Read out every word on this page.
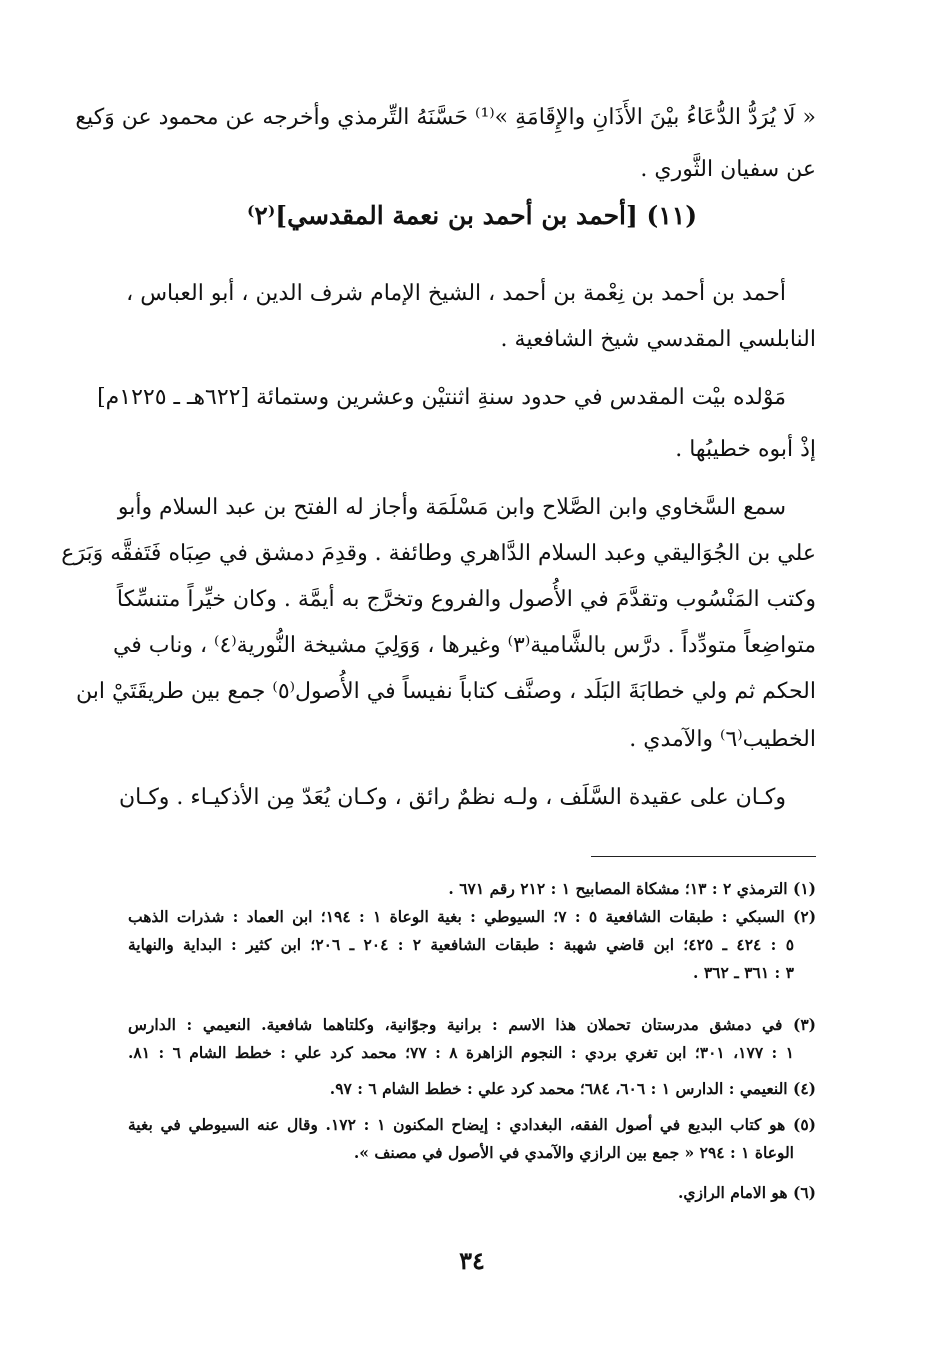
« لَا يُرَدُّ الدُّعَاءُ بيْنَ الأَذَانِ والإِقَامَةِ »⁽¹⁾ حَسَّنَهُ التِّرمذي وأخرجه عن محمود عن وَكيع
عن سفيان الثَّوري .
(١١) [أحمد بن أحمد بن نعمة المقدسي]⁽٢⁾
أحمد بن أحمد بن نِعْمة بن أحمد ، الشيخ الإمام شرف الدين ، أبو العباس ،
النابلسي المقدسي شيخ الشافعية .
مَوْلده بيْت المقدس في حدود سنةِ اثنتيْن وعشرين وستمائة [٦٢٢هـ ـ ١٢٢٥م]
إذْ أبوه خطيبُها .
سمع السَّخاوي وابن الصَّلاح وابن مَسْلَمَة وأجاز له الفتح بن عبد السلام وأبو
علي بن الجُوَاليقي وعبد السلام الدَّاهري وطائفة . وقدِمَ دمشق في صِبَاه فَتَفقَّه وَبَرَع
وكتب المَنْسُوب وتقدَّمَ في الأُصول والفروع وتخرَّج به أيمَّة . وكان خيِّراً متنسِّكاً
متواضِعاً متودِّداً . درَّس بالشَّامية⁽٣⁾ وغيرها ، وَوَلِيَ مشيخة النُّورية⁽٤⁾ ، وناب في
الحكم ثم ولي خطابَةَ البَلَد ، وصنَّف كتاباً نفيساً في الأُصول⁽٥⁾ جمع بين طريقَتَيْ ابن
الخطيب⁽٦⁾ والآمدي .
وكـان على عقيدة السَّلَف ، ولـه نظمٌ رائق ، وكـان يُعَدّ مِن الأذكيـاء . وكـان
(١) الترمذي ٢ : ١٣؛ مشكاة المصابيح ١ : ٢١٢ رقم ٦٧١ .
(٢) السبكي : طبقات الشافعية ٥ : ٧؛ السيوطي : بغية الوعاة ١ : ١٩٤؛ ابن العماد : شذرات الذهب
٥ : ٤٢٤ ـ ٤٢٥؛ ابن قاضي شهبة : طبقات الشافعية ٢ : ٢٠٤ ـ ٢٠٦؛ ابن كثير : البداية والنهاية
٣ : ٣٦١ ـ ٣٦٢ .
(٣) في دمشق مدرستان تحملان هذا الاسم : برانية وجوّانية، وكلتاهما شافعية. النعيمي : الدارس
١ : ١٧٧، ٣٠١؛ ابن تغري بردي : النجوم الزاهرة ٨ : ٧٧؛ محمد كرد علي : خطط الشام ٦ : ٨١.
(٤) النعيمي : الدارس ١ : ٦٠٦، ٦٨٤؛ محمد كرد علي : خطط الشام ٦ : ٩٧.
(٥) هو كتاب البديع في أصول الفقه، البغدادي : إيضاح المكنون ١ : ١٧٢. وقال عنه السيوطي في بغية
الوعاة ١ : ٢٩٤ « جمع بين الرازي والآمدي في الأصول في مصنف ».
(٦) هو الامام الرازي.
٣٤
